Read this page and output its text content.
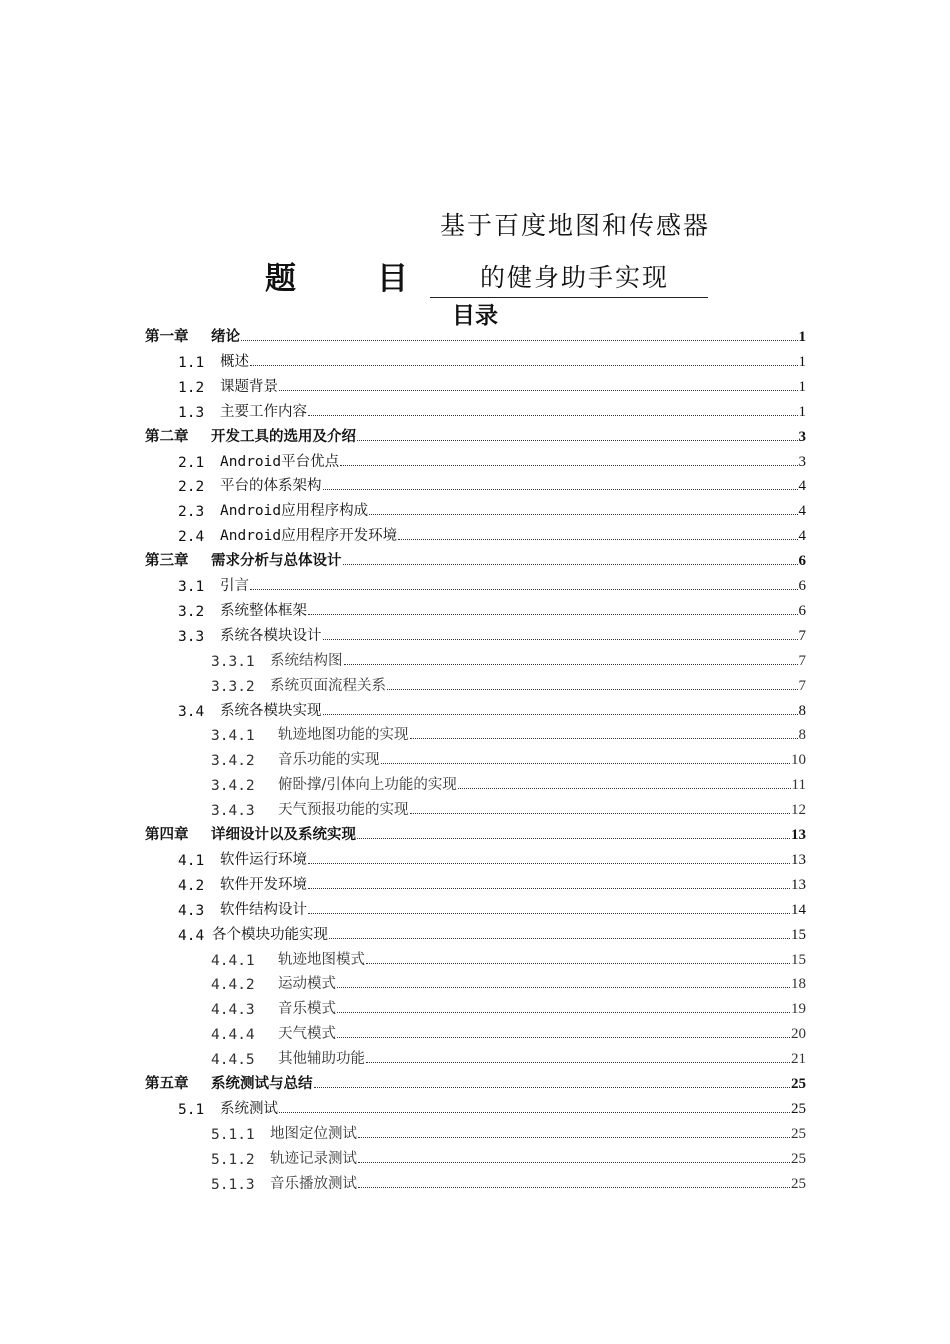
基于百度地图和传感器
题	目	的健身助手实现
目录
第一章	绪论	1
1.1	概述	1
1.2	课题背景	1
1.3	主要工作内容	1
第二章	开发工具的选用及介绍	3
2.1	Android平台优点	3
2.2	平台的体系架构	4
2.3	Android应用程序构成	4
2.4	Android应用程序开发环境	4
第三章	需求分析与总体设计	6
3.1	引言	6
3.2	系统整体框架	6
3.3	系统各模块设计	7
3.3.1	系统结构图	7
3.3.2	系统页面流程关系	7
3.4	系统各模块实现	8
3.4.1	轨迹地图功能的实现	8
3.4.2	音乐功能的实现	10
3.4.2	俯卧撑/引体向上功能的实现	11
3.4.3	天气预报功能的实现	12
第四章	详细设计以及系统实现	13
4.1	软件运行环境	13
4.2	软件开发环境	13
4.3	软件结构设计	14
4.4 各个模块功能实现	15
4.4.1	轨迹地图模式	15
4.4.2	运动模式	18
4.4.3	音乐模式	19
4.4.4	天气模式	20
4.4.5	其他辅助功能	21
第五章	系统测试与总结	25
5.1	系统测试	25
5.1.1	地图定位测试	25
5.1.2	轨迹记录测试	25
5.1.3	音乐播放测试	25
